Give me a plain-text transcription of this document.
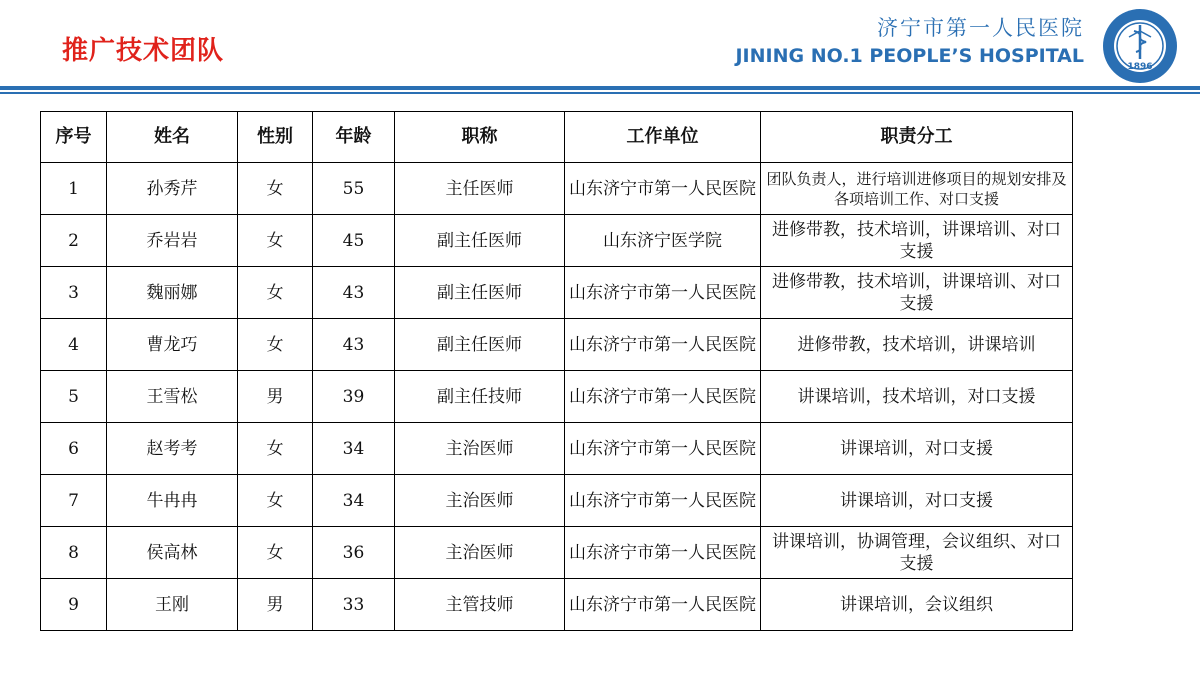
推广技术团队
济宁市第一人民医院
JINING NO.1 PEOPLE’S HOSPITAL	1896
序号	姓名	性别	年龄	职称	工作单位	职责分工
1	孙秀芹	女	55	主任医师	山东济宁市第一人民医院	团队负责人，进行培训进修项目的规划安排及各项培训工作、对口支援
2	乔岩岩	女	45	副主任医师	山东济宁医学院	进修带教，技术培训，讲课培训、对口支援
3	魏丽娜	女	43	副主任医师	山东济宁市第一人民医院	进修带教，技术培训，讲课培训、对口支援
4	曹龙巧	女	43	副主任医师	山东济宁市第一人民医院	进修带教，技术培训，讲课培训
5	王雪松	男	39	副主任技师	山东济宁市第一人民医院	讲课培训，技术培训，对口支援
6	赵考考	女	34	主治医师	山东济宁市第一人民医院	讲课培训，对口支援
7	牛冉冉	女	34	主治医师	山东济宁市第一人民医院	讲课培训，对口支援
8	侯高林	女	36	主治医师	山东济宁市第一人民医院	讲课培训，协调管理，会议组织、对口支援
9	王刚	男	33	主管技师	山东济宁市第一人民医院	讲课培训，会议组织
